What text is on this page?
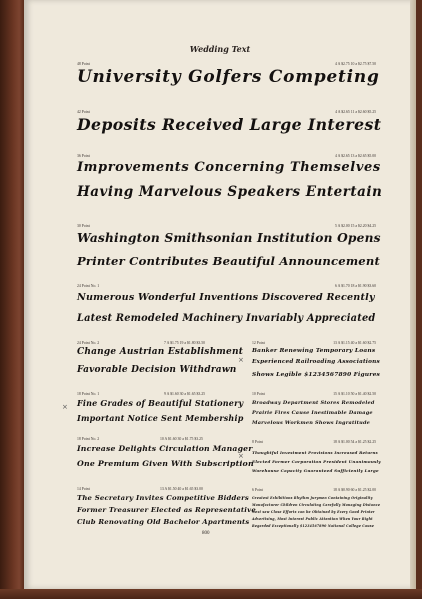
Wedding Text
48 Point	4 A $2.75 10 a $2.75 $7.50
University Golfers Competing
42 Point	4 A $2.65 11 a $2.60 $5.25
Deposits Received Large Interest
36 Point	4 A $2.65 13 a $2.65 $5.00
Improvements Concerning Themselves
Having Marvelous Speakers Entertain
30 Point	5 A $2.00 15 a $2.20 $4.25
Washington Smithsonian Institution Opens
Printer Contributes Beautiful Announcement
24 Point No. 1	6 A $1.70 18 a $1.90 $3.60
Numerous Wonderful Inventions Discovered Recently
Latest Remodeled Machinery Invariably Appreciated
24 Point No. 2	7 A $1.75 19 a $1.80 $3.50
Change Austrian Establishment
Favorable Decision Withdrawn
18 Point No. 1	9 A $1.60 30 a $1.65 $3.25
× Fine Grades of Beautiful Stationery
Important Notice Sent Membership
18 Point No. 2	10 A $1.60 30 a $1.75 $3.25
Increase Delights Circulation Manager
One Premium Given With Subscription
14 Point	13 A $1.50 40 a $1.65 $3.00
The Secretary Invites Competitive Bidders
Former Treasurer Elected as Representative
Club Renovating Old Bachelor Apartments
12 Point	13 A $1.15 40 a $1.60 $2.75
Banker Renewing Temporary Loans
× Experienced Railroading Associations
Shows Legible $1234567890 Figures
10 Point	15 A $1.10 50 a $1.40 $2.50
Broadway Department Stores Remodeled
Prairie Fires Cause Inestimable Damage
Marvelous Workmen Shows Ingratitude
8 Point	18 A $1.00 54 a $1.25 $2.25
× Thoughtful Investment Provisions Increased Returns
Elected Former Corporation President Unanimously
Warehouse Capacity Guaranteed Sufficiently Large
6 Point	18 A $0.90 60 a $1.25 $2.00
Greatest Exhibitions Rhythm Jurymen Containing Originality
Manufacturer Children Circulating Carefully Managing Distance
Next saw Close Efforts can be Obtained by Every Good Printer
Advertising, Most Interest Public Attention When Your Right
Regarded Exceptionally $1234567890 National College Cause
800
